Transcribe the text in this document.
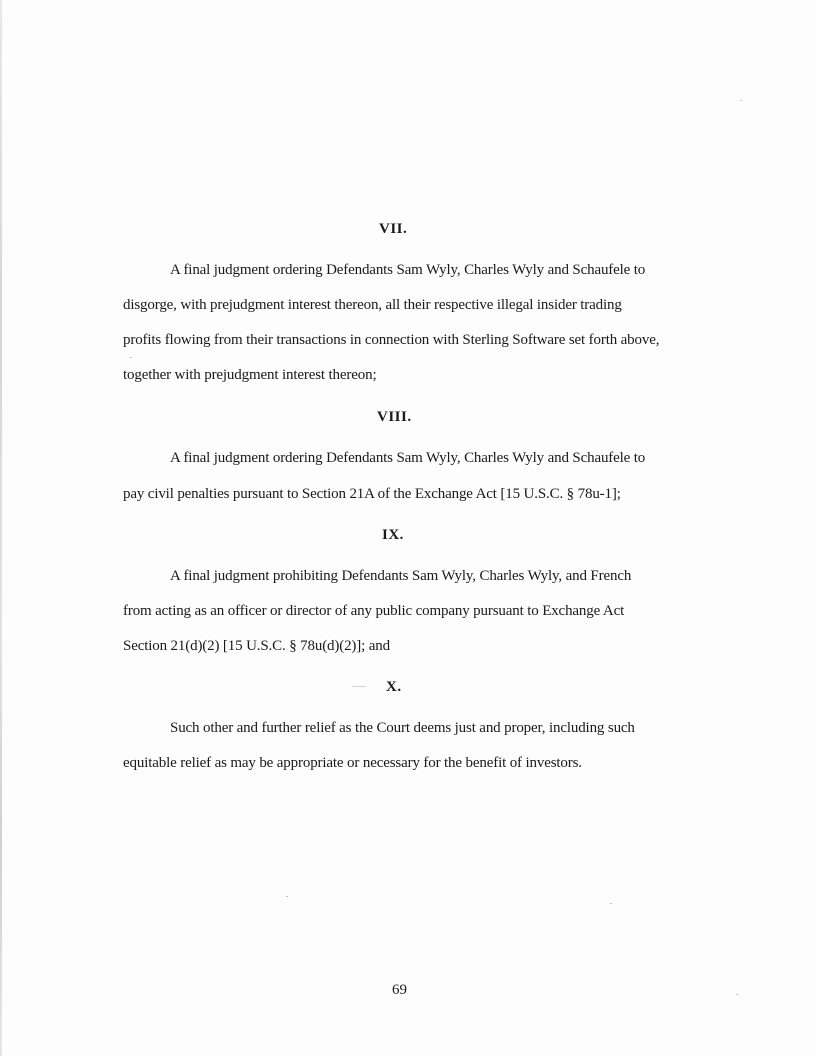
VII.
A final judgment ordering Defendants Sam Wyly, Charles Wyly and Schaufele to
disgorge, with prejudgment interest thereon, all their respective illegal insider trading
profits flowing from their transactions in connection with Sterling Software set forth above,
together with prejudgment interest thereon;
VIII.
A final judgment ordering Defendants Sam Wyly, Charles Wyly and Schaufele to
pay civil penalties pursuant to Section 21A of the Exchange Act [15 U.S.C. § 78u-1];
IX.
A final judgment prohibiting Defendants Sam Wyly, Charles Wyly, and French
from acting as an officer or director of any public company pursuant to Exchange Act
Section 21(d)(2) [15 U.S.C. § 78u(d)(2)]; and
X.
Such other and further relief as the Court deems just and proper, including such
equitable relief as may be appropriate or necessary for the benefit of investors.
69
